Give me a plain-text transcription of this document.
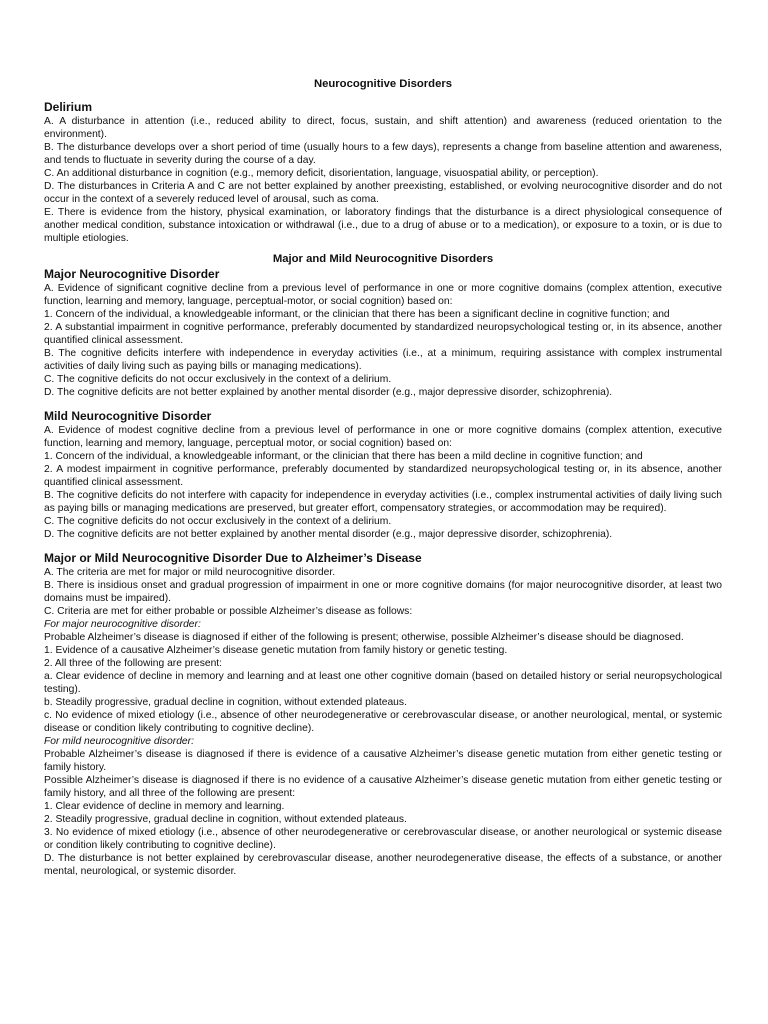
Neurocognitive Disorders
Delirium

A. A disturbance in attention (i.e., reduced ability to direct, focus, sustain, and shift attention) and awareness (reduced orientation to the environment).

B. The disturbance develops over a short period of time (usually hours to a few days), represents a change from baseline attention and awareness, and tends to fluctuate in severity during the course of a day.

C. An additional disturbance in cognition (e.g., memory deficit, disorientation, language, visuospatial ability, or perception).

D. The disturbances in Criteria A and C are not better explained by another preexisting, established, or evolving neurocognitive disorder and do not occur in the context of a severely reduced level of arousal, such as coma.

E. There is evidence from the history, physical examination, or laboratory findings that the disturbance is a direct physiological consequence of another medical condition, substance intoxication or withdrawal (i.e., due to a drug of abuse or to a medication), or exposure to a toxin, or is due to multiple etiologies.

Major and Mild Neurocognitive Disorders
Major Neurocognitive Disorder

A. Evidence of significant cognitive decline from a previous level of performance in one or more cognitive domains (complex attention, executive function, learning and memory, language, perceptual-motor, or social cognition) based on:

1. Concern of the individual, a knowledgeable informant, or the clinician that there has been a significant decline in cognitive function; and

2. A substantial impairment in cognitive performance, preferably documented by standardized neuropsychological testing or, in its absence, another quantified clinical assessment.

B. The cognitive deficits interfere with independence in everyday activities (i.e., at a minimum, requiring assistance with complex instrumental activities of daily living such as paying bills or managing medications).

C. The cognitive deficits do not occur exclusively in the context of a delirium.

D. The cognitive deficits are not better explained by another mental disorder (e.g., major depressive disorder, schizophrenia).

Mild Neurocognitive Disorder

A. Evidence of modest cognitive decline from a previous level of performance in one or more cognitive domains (complex attention, executive function, learning and memory, language, perceptual motor, or social cognition) based on:

1. Concern of the individual, a knowledgeable informant, or the clinician that there has been a mild decline in cognitive function; and

2. A modest impairment in cognitive performance, preferably documented by standardized neuropsychological testing or, in its absence, another quantified clinical assessment.

B. The cognitive deficits do not interfere with capacity for independence in everyday activities (i.e., complex instrumental activities of daily living such as paying bills or managing medications are preserved, but greater effort, compensatory strategies, or accommodation may be required).

C. The cognitive deficits do not occur exclusively in the context of a delirium.

D. The cognitive deficits are not better explained by another mental disorder (e.g., major depressive disorder, schizophrenia).

Major or Mild Neurocognitive Disorder Due to Alzheimer’s Disease

A. The criteria are met for major or mild neurocognitive disorder.

B. There is insidious onset and gradual progression of impairment in one or more cognitive domains (for major neurocognitive disorder, at least two domains must be impaired).

C. Criteria are met for either probable or possible Alzheimer’s disease as follows:

For major neurocognitive disorder:

Probable Alzheimer’s disease is diagnosed if either of the following is present; otherwise, possible Alzheimer’s disease should be diagnosed.

1. Evidence of a causative Alzheimer’s disease genetic mutation from family history or genetic testing.

2. All three of the following are present:

a. Clear evidence of decline in memory and learning and at least one other cognitive domain (based on detailed history or serial neuropsychological testing).

b. Steadily progressive, gradual decline in cognition, without extended plateaus.

c. No evidence of mixed etiology (i.e., absence of other neurodegenerative or cerebrovascular disease, or another neurological, mental, or systemic disease or condition likely contributing to cognitive decline).

For mild neurocognitive disorder:

Probable Alzheimer’s disease is diagnosed if there is evidence of a causative Alzheimer’s disease genetic mutation from either genetic testing or family history.

Possible Alzheimer’s disease is diagnosed if there is no evidence of a causative Alzheimer’s disease genetic mutation from either genetic testing or family history, and all three of the following are present:

1. Clear evidence of decline in memory and learning.

2. Steadily progressive, gradual decline in cognition, without extended plateaus.

3. No evidence of mixed etiology (i.e., absence of other neurodegenerative or cerebrovascular disease, or another neurological or systemic disease or condition likely contributing to cognitive decline).

D. The disturbance is not better explained by cerebrovascular disease, another neurodegenerative disease, the effects of a substance, or another mental, neurological, or systemic disorder.
